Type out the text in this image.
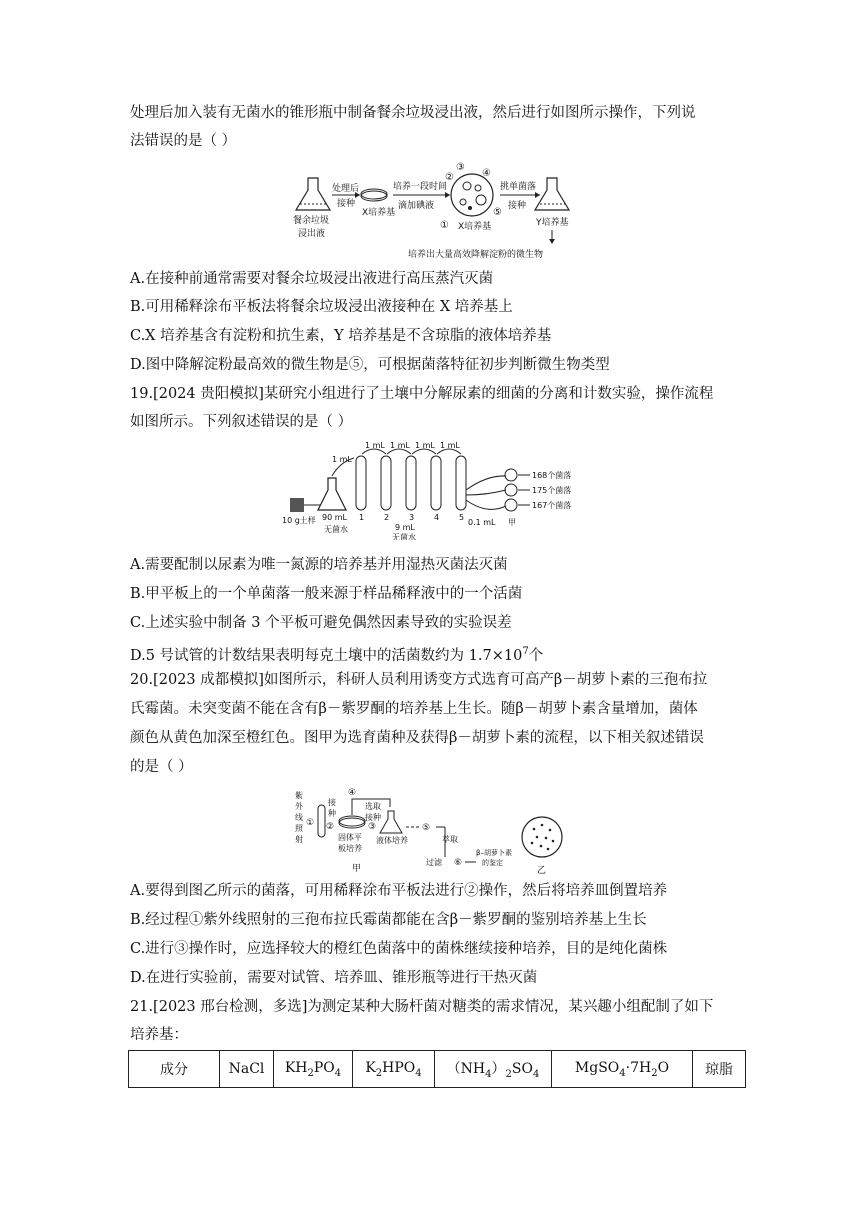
处理后加入装有无菌水的锥形瓶中制备餐余垃圾浸出液，然后进行如图所示操作，下列说
法错误的是（ ）
餐余垃圾
浸出液
处理后
接种
X培养基
培养一段时间
滴加碘液
②
③
④
⑤
① X培养基
挑单菌落
接种
Y培养基
培养出大量高效降解淀粉的微生物
A.在接种前通常需要对餐余垃圾浸出液进行高压蒸汽灭菌
B.可用稀释涂布平板法将餐余垃圾浸出液接种在 X 培养基上
C.X 培养基含有淀粉和抗生素，Y 培养基是不含琼脂的液体培养基
D.图中降解淀粉最高效的微生物是⑤，可根据菌落特征初步判断微生物类型
19.[2024 贵阳模拟]某研究小组进行了土壤中分解尿素的细菌的分离和计数实验，操作流程
如图所示。下列叙述错误的是（ ）
10 g土样 90 mL
无菌水
1 mL
1 2 3 4 5
1 mL 1 mL 1 mL 1 mL
9 mL
无菌水
168个菌落
175个菌落
167个菌落
0.1 mL 甲
A.需要配制以尿素为唯一氮源的培养基并用湿热灭菌法灭菌
B.甲平板上的一个单菌落一般来源于样品稀释液中的一个活菌
C.上述实验中制备 3 个平板可避免偶然因素导致的实验误差
D.5 号试管的计数结果表明每克土壤中的活菌数约为 $1.7\times 10^7$个
20.[2023 成都模拟]如图所示，科研人员利用诱变方式选育可高产β－胡萝卜素的三孢布拉
氏霉菌。未突变菌不能在含有β－紫罗酮的培养基上生长。随β－胡萝卜素含量增加，菌体
颜色从黄色加深至橙红色。图甲为选育菌种及获得β－胡萝卜素的流程，以下相关叙述错误
的是（ ）
紫
外
线
照
射
①
接
种
②
固体平
板培养
③
④
选取
接种
液体培养
⑤
萃取
过滤 ⑥
β–胡萝卜素
的鉴定
甲	乙
A.要得到图乙所示的菌落，可用稀释涂布平板法进行②操作，然后将培养皿倒置培养
B.经过程①紫外线照射的三孢布拉氏霉菌都能在含β－紫罗酮的鉴别培养基上生长
C.进行③操作时，应选择较大的橙红色菌落中的菌株继续接种培养，目的是纯化菌株
D.在进行实验前，需要对试管、培养皿、锥形瓶等进行干热灭菌
21.[2023 邢台检测，多选]为测定某种大肠杆菌对糖类的需求情况，某兴趣小组配制了如下
培养基：
成分	NaCl	$KH_2PO_4$	$K_2HPO_4$	$(NH_4)_2SO_4$	$MgSO_4\cdot 7H_2O$	琼脂
